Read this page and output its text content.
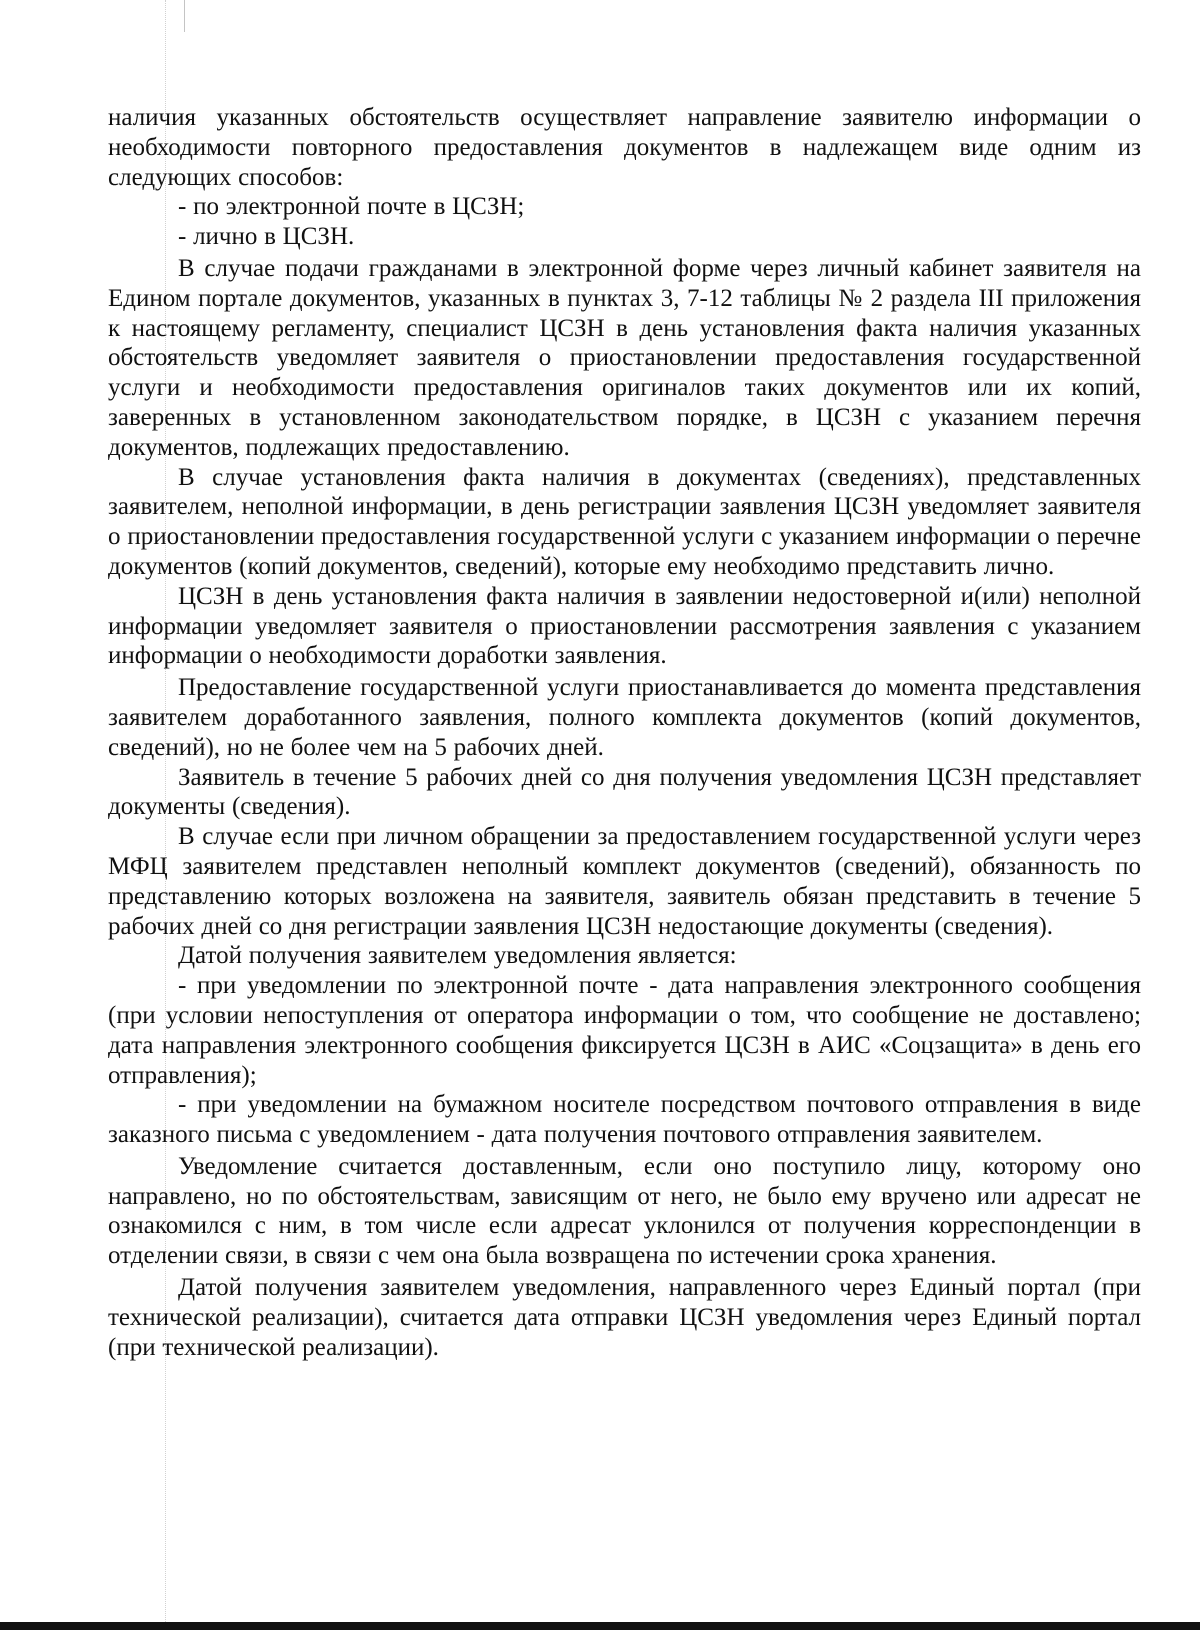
наличия указанных обстоятельств осуществляет направление заявителю информации о необходимости повторного предоставления документов в надлежащем виде одним из следующих способов:

- по электронной почте в ЦСЗН;

- лично в ЦСЗН.

В случае подачи гражданами в электронной форме через личный кабинет заявителя на Едином портале документов, указанных в пунктах 3, 7-12 таблицы № 2 раздела III приложения к настоящему регламенту, специалист ЦСЗН в день установления факта наличия указанных обстоятельств уведомляет заявителя о приостановлении предоставления государственной услуги и необходимости предоставления оригиналов таких документов или их копий, заверенных в установленном законодательством порядке, в ЦСЗН с указанием перечня документов, подлежащих предоставлению.

В случае установления факта наличия в документах (сведениях), представленных заявителем, неполной информации, в день регистрации заявления ЦСЗН уведомляет заявителя о приостановлении предоставления государственной услуги с указанием информации о перечне документов (копий документов, сведений), которые ему необходимо представить лично.

ЦСЗН в день установления факта наличия в заявлении недостоверной и(или) неполной информации уведомляет заявителя о приостановлении рассмотрения заявления с указанием информации о необходимости доработки заявления.

Предоставление государственной услуги приостанавливается до момента представления заявителем доработанного заявления, полного комплекта документов (копий документов, сведений), но не более чем на 5 рабочих дней.

Заявитель в течение 5 рабочих дней со дня получения уведомления ЦСЗН представляет документы (сведения).

В случае если при личном обращении за предоставлением государственной услуги через МФЦ заявителем представлен неполный комплект документов (сведений), обязанность по представлению которых возложена на заявителя, заявитель обязан представить в течение 5 рабочих дней со дня регистрации заявления ЦСЗН недостающие документы (сведения).

Датой получения заявителем уведомления является:

- при уведомлении по электронной почте - дата направления электронного сообщения (при условии непоступления от оператора информации о том, что сообщение не доставлено; дата направления электронного сообщения фиксируется ЦСЗН в АИС «Соцзащита» в день его отправления);

- при уведомлении на бумажном носителе посредством почтового отправления в виде заказного письма с уведомлением - дата получения почтового отправления заявителем.

Уведомление считается доставленным, если оно поступило лицу, которому оно направлено, но по обстоятельствам, зависящим от него, не было ему вручено или адресат не ознакомился с ним, в том числе если адресат уклонился от получения корреспонденции в отделении связи, в связи с чем она была возвращена по истечении срока хранения.

Датой получения заявителем уведомления, направленного через Единый портал (при технической реализации), считается дата отправки ЦСЗН уведомления через Единый портал (при технической реализации).
